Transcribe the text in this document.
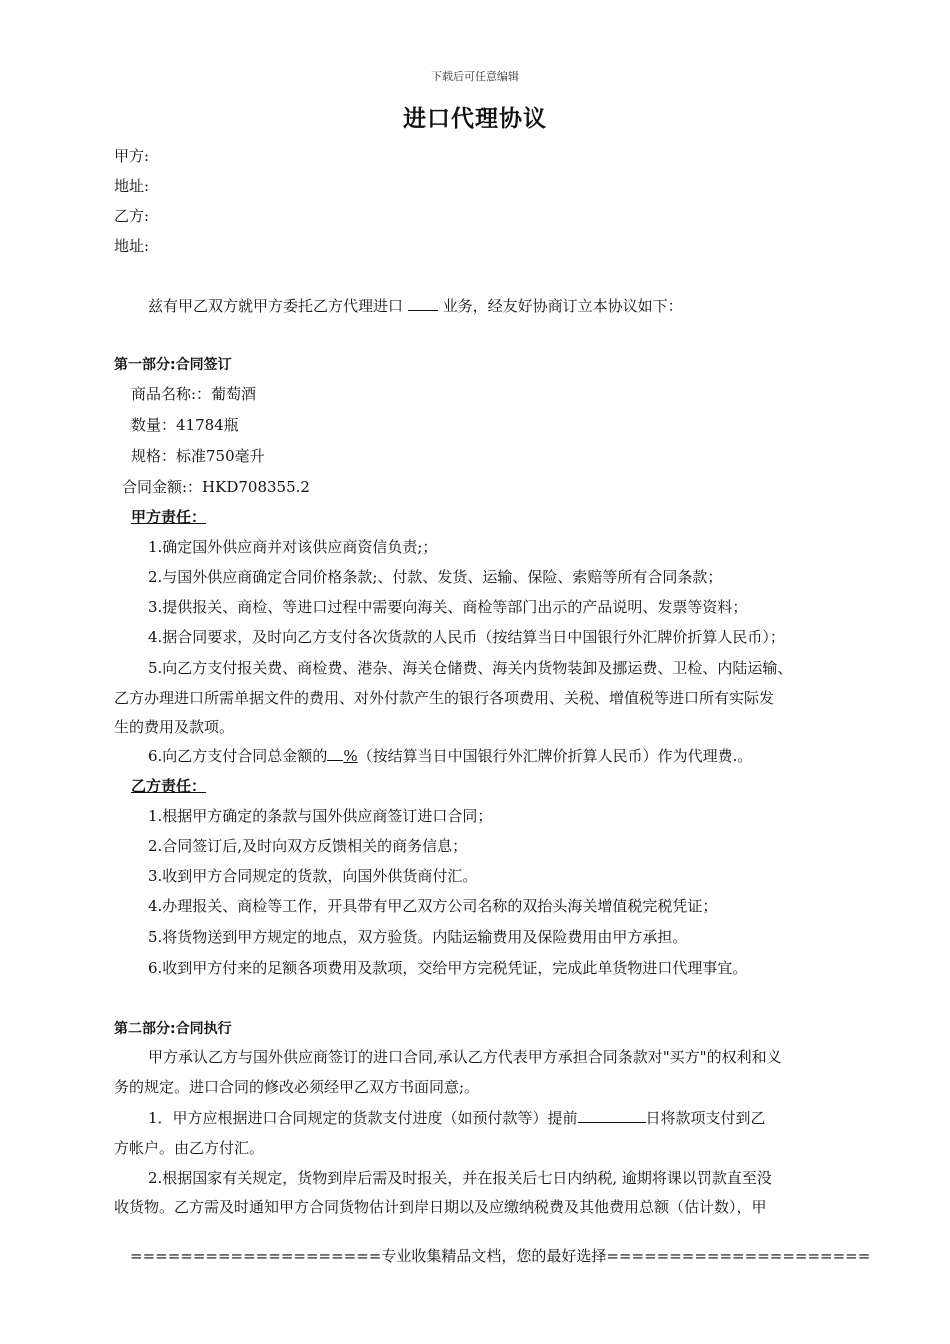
下载后可任意编辑
进口代理协议
甲方:
地址:
乙方:
地址:
兹有甲乙双方就甲方委托乙方代理进口	业务，经友好协商订立本协议如下：
第一部分:合同签订
商品名称:：葡萄酒
数量：41784瓶
规格：标准750毫升
合同金额:：HKD708355.2
甲方责任：
1.确定国外供应商并对该供应商资信负责;；
2.与国外供应商确定合同价格条款;、付款、发货、运输、保险、索赔等所有合同条款；
3.提供报关、商检、等进口过程中需要向海关、商检等部门出示的产品说明、发票等资料；
4.据合同要求，及时向乙方支付各次货款的人民币（按结算当日中国银行外汇牌价折算人民币）；
5.向乙方支付报关费、商检费、港杂、海关仓储费、海关内货物装卸及挪运费、卫检、内陆运输、
乙方办理进口所需单据文件的费用、对外付款产生的银行各项费用、关税、增值税等进口所有实际发
生的费用及款项。
6.向乙方支付合同总金额的 %（按结算当日中国银行外汇牌价折算人民币）作为代理费.。
乙方责任：
1.根据甲方确定的条款与国外供应商签订进口合同；
2.合同签订后,及时向双方反馈相关的商务信息；
3.收到甲方合同规定的货款，向国外供货商付汇。
4.办理报关、商检等工作，开具带有甲乙双方公司名称的双抬头海关增值税完税凭证；
5.将货物送到甲方规定的地点，双方验货。内陆运输费用及保险费用由甲方承担。
6.收到甲方付来的足额各项费用及款项，交给甲方完税凭证，完成此单货物进口代理事宜。
第二部分:合同执行
甲方承认乙方与国外供应商签订的进口合同,承认乙方代表甲方承担合同条款对"买方"的权利和义
务的规定。进口合同的修改必须经甲乙双方书面同意;。
1．甲方应根据进口合同规定的货款支付进度（如预付款等）提前	日将款项支付到乙
方帐户。由乙方付汇。
2.根据国家有关规定，货物到岸后需及时报关，并在报关后七日内纳税, 逾期将课以罚款直至没
收货物。乙方需及时通知甲方合同货物估计到岸日期以及应缴纳税费及其他费用总额（估计数），甲
====================专业收集精品文档，您的最好选择=====================
